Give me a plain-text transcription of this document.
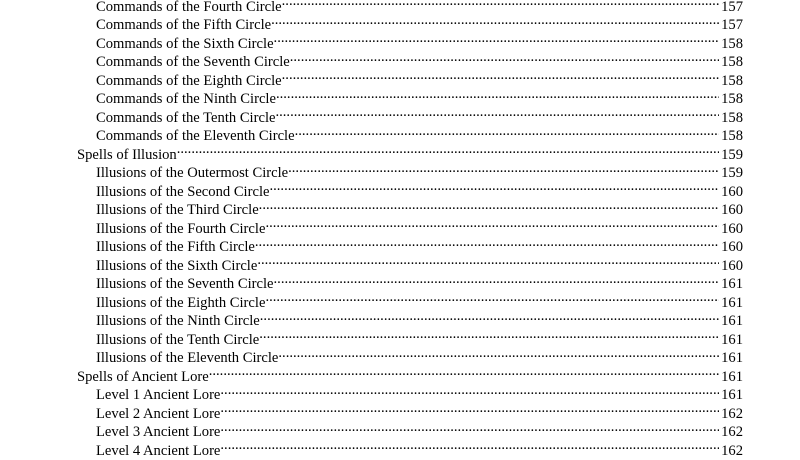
Commands of the Fourth Circle .....	157
Commands of the Fifth Circle .....	157
Commands of the Sixth Circle .....	158
Commands of the Seventh Circle .....	158
Commands of the Eighth Circle .....	158
Commands of the Ninth Circle .....	158
Commands of the Tenth Circle .....	158
Commands of the Eleventh Circle .....	158
Spells of Illusion .....	159
Illusions of the Outermost Circle .....	159
Illusions of the Second Circle .....	160
Illusions of the Third Circle .....	160
Illusions of the Fourth Circle .....	160
Illusions of the Fifth Circle .....	160
Illusions of the Sixth Circle .....	160
Illusions of the Seventh Circle .....	161
Illusions of the Eighth Circle .....	161
Illusions of the Ninth Circle .....	161
Illusions of the Tenth Circle .....	161
Illusions of the Eleventh Circle .....	161
Spells of Ancient Lore .....	161
Level 1 Ancient Lore .....	161
Level 2 Ancient Lore .....	162
Level 3 Ancient Lore .....	162
Level 4 Ancient Lore .....	162
